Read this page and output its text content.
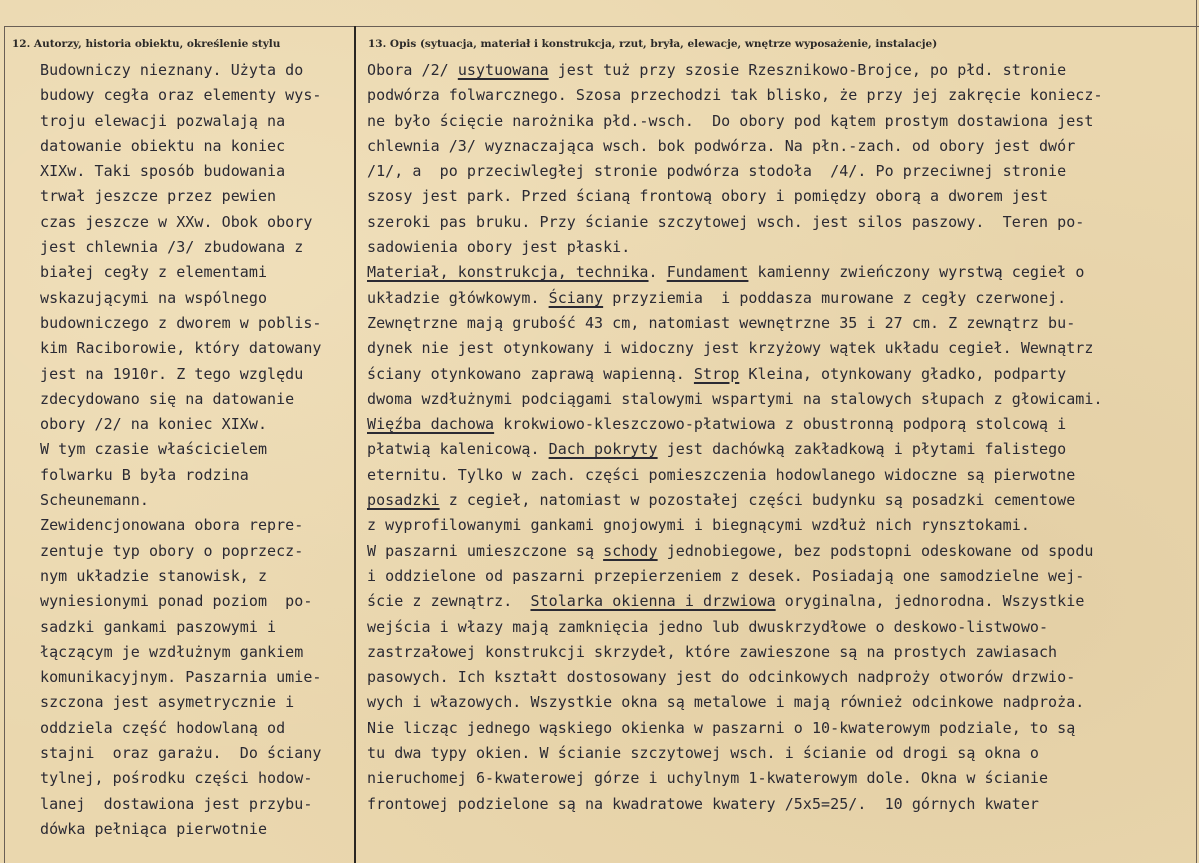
12. Autorzy, historia obiektu, określenie stylu	13. Opis (sytuacja, materiał i konstrukcja, rzut, bryła, elewacje, wnętrze wyposażenie, instalacje)
Budowniczy nieznany. Użyta do
budowy cegła oraz elementy wys-
troju elewacji pozwalają na
datowanie obiektu na koniec
XIXw. Taki sposób budowania
trwał jeszcze przez pewien
czas jeszcze w XXw. Obok obory
jest chlewnia /3/ zbudowana z
białej cegły z elementami
wskazującymi na wspólnego
budowniczego z dworem w poblis-
kim Raciborowie, który datowany
jest na 1910r. Z tego względu
zdecydowano się na datowanie
obory /2/ na koniec XIXw.
W tym czasie właścicielem
folwarku B była rodzina
Scheunemann.
Zewidencjonowana obora repre-
zentuje typ obory o poprzecz-
nym układzie stanowisk, z
wyniesionymi ponad poziom  po-
sadzki gankami paszowymi i
łączącym je wzdłużnym gankiem
komunikacyjnym. Paszarnia umie-
szczona jest asymetrycznie i
oddziela część hodowlaną od
stajni  oraz garażu.  Do ściany
tylnej, pośrodku części hodow-
lanej  dostawiona jest przybu-
dówka pełniąca pierwotnie
Obora /2/ usytuowana jest tuż przy szosie Rzesznikowo-Brojce, po płd. stronie
podwórza folwarcznego. Szosa przechodzi tak blisko, że przy jej zakręcie koniecz-
ne było ścięcie narożnika płd.-wsch.  Do obory pod kątem prostym dostawiona jest
chlewnia /3/ wyznaczająca wsch. bok podwórza. Na płn.-zach. od obory jest dwór
/1/, a  po przeciwległej stronie podwórza stodoła  /4/. Po przeciwnej stronie
szosy jest park. Przed ścianą frontową obory i pomiędzy oborą a dworem jest
szeroki pas bruku. Przy ścianie szczytowej wsch. jest silos paszowy.  Teren po-
sadowienia obory jest płaski.
Materiał, konstrukcja, technika. Fundament kamienny zwieńczony wyrstwą cegieł o
układzie główkowym. Ściany przyziemia  i poddasza murowane z cegły czerwonej.
Zewnętrzne mają grubość 43 cm, natomiast wewnętrzne 35 i 27 cm. Z zewnątrz bu-
dynek nie jest otynkowany i widoczny jest krzyżowy wątek układu cegieł. Wewnątrz
ściany otynkowano zaprawą wapienną. Strop Kleina, otynkowany gładko, podparty
dwoma wzdłużnymi podciągami stalowymi wspartymi na stalowych słupach z głowicami.
Więźba dachowa krokwiowo-kleszczowo-płatwiowa z obustronną podporą stolcową i
płatwią kalenicową. Dach pokryty jest dachówką zakładkową i płytami falistego
eternitu. Tylko w zach. części pomieszczenia hodowlanego widoczne są pierwotne
posadzki z cegieł, natomiast w pozostałej części budynku są posadzki cementowe
z wyprofilowanymi gankami gnojowymi i biegnącymi wzdłuż nich rynsztokami.
W paszarni umieszczone są schody jednobiegowe, bez podstopni odeskowane od spodu
i oddzielone od paszarni przepierzeniem z desek. Posiadają one samodzielne wej-
ście z zewnątrz.  Stolarka okienna i drzwiowa oryginalna, jednorodna. Wszystkie
wejścia i włazy mają zamknięcia jedno lub dwuskrzydłowe o deskowo-listwowo-
zastrzałowej konstrukcji skrzydeł, które zawieszone są na prostych zawiasach
pasowych. Ich kształt dostosowany jest do odcinkowych nadproży otworów drzwio-
wych i włazowych. Wszystkie okna są metalowe i mają również odcinkowe nadproża.
Nie licząc jednego wąskiego okienka w paszarni o 10-kwaterowym podziale, to są
tu dwa typy okien. W ścianie szczytowej wsch. i ścianie od drogi są okna o
nieruchomej 6-kwaterowej górze i uchylnym 1-kwaterowym dole. Okna w ścianie
frontowej podzielone są na kwadratowe kwatery /5x5=25/.  10 górnych kwater
